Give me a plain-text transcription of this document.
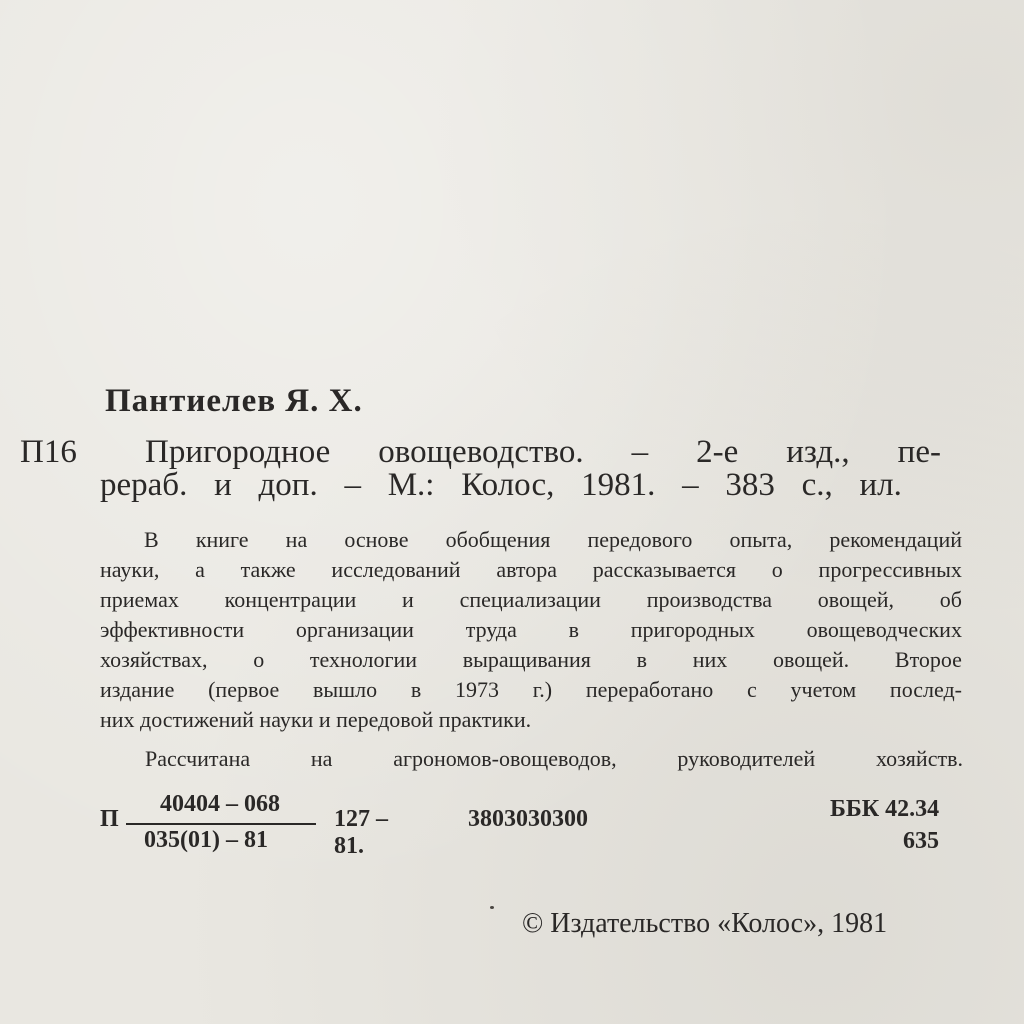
Пантиелев Я. Х.
П16 Пригородное овощеводство. – 2-е изд., пе-
рераб. и доп. – М.: Колос, 1981. – 383 с., ил.
В книге на основе обобщения передового опыта, рекомендаций
науки, а также исследований автора рассказывается о прогрессивных
приемах концентрации и специализации производства овощей, об
эффективности организации труда в пригородных овощеводческих
хозяйствах, о технологии выращивания в них овощей. Второе
издание (первое вышло в 1973 г.) переработано с учетом послед-
них достижений науки и передовой практики.
Рассчитана	на	агрономов-овощеводов,	руководителей	хозяйств.
П
40404 – 068
035(01) – 81
127 – 81.
3803030300	ББК 42.34
635
© Издательство «Колос», 1981
